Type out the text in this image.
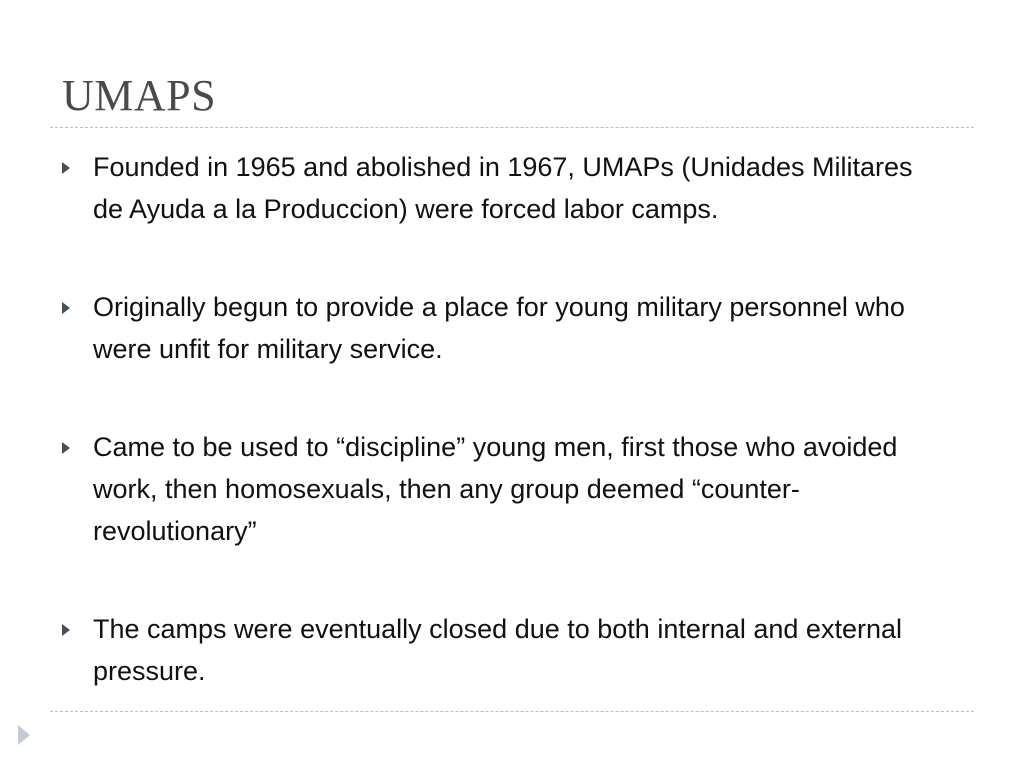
UMAPS
Founded in 1965 and abolished in 1967, UMAPs (Unidades Militares de Ayuda a la Produccion) were forced labor camps.
Originally begun to provide a place for young military personnel who were unfit for military service.
Came to be used to “discipline” young men, first those who avoided work, then homosexuals, then any group deemed “counter-revolutionary”
The camps were eventually closed due to both internal and external pressure.
